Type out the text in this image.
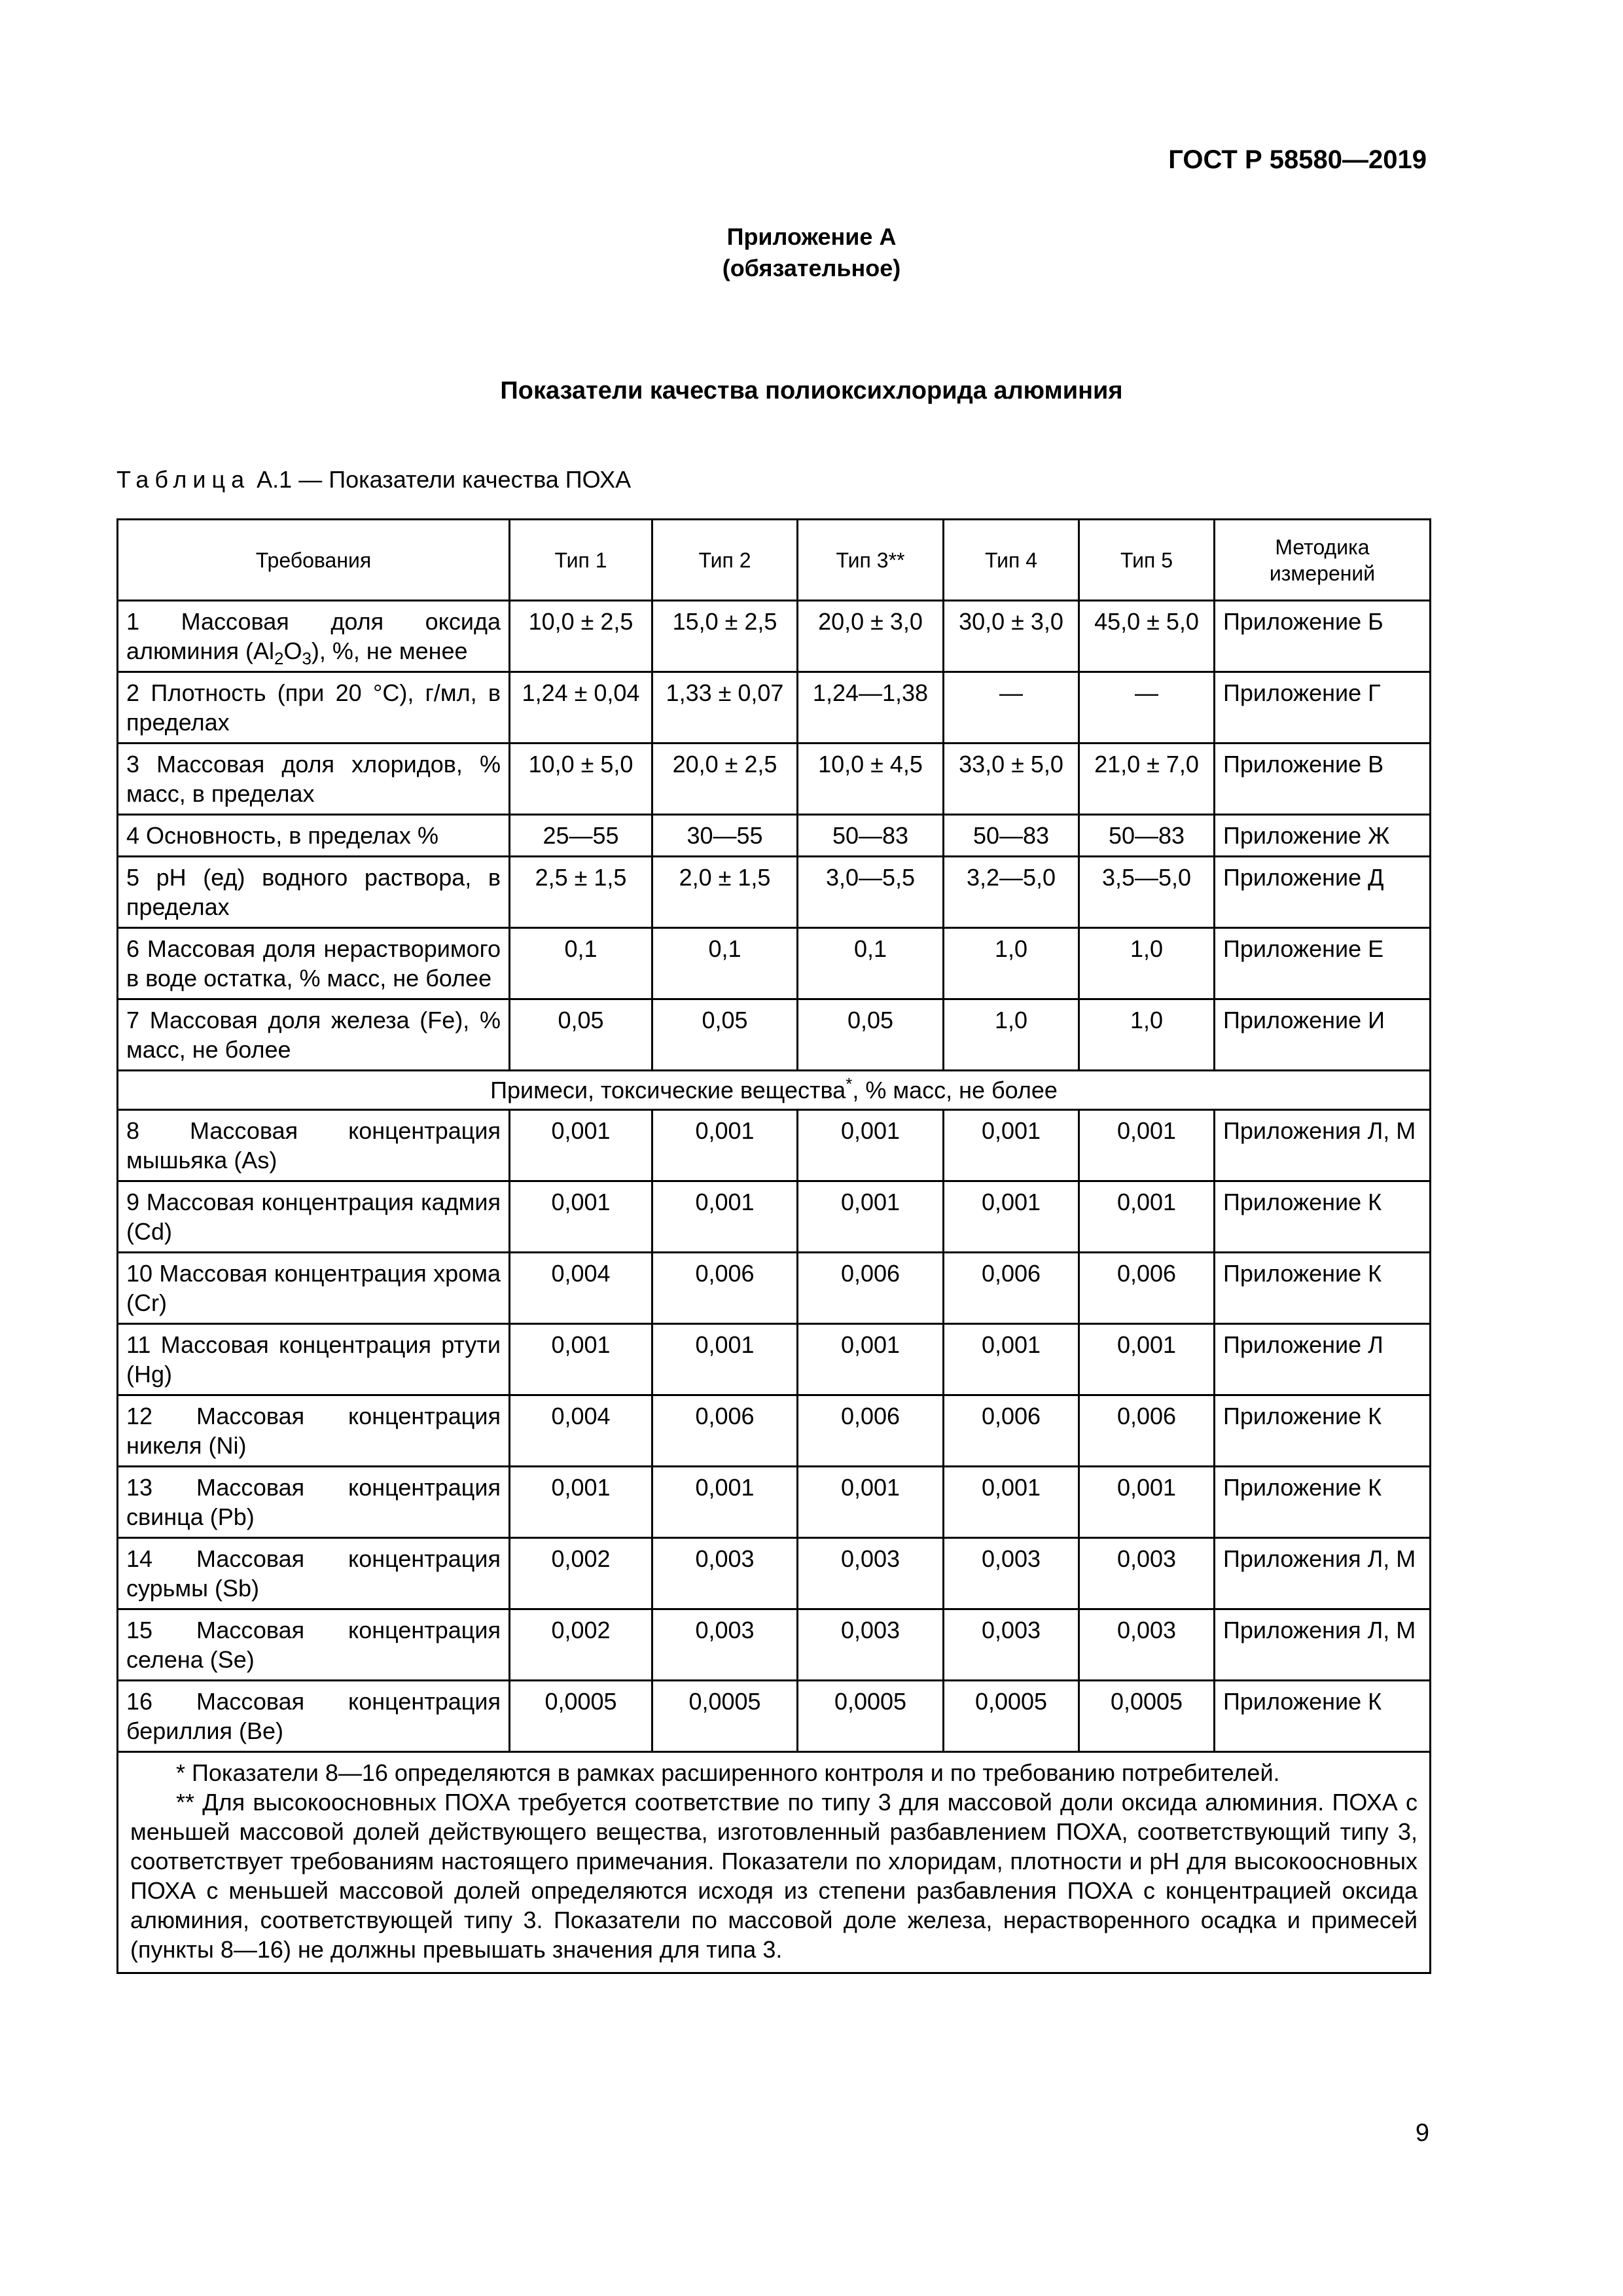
ГОСТ Р 58580—2019
Приложение А
(обязательное)
Показатели качества полиоксихлорида алюминия
Таблица А.1 — Показатели качества ПОХА
Требования	Тип 1	Тип 2	Тип 3**	Тип 4	Тип 5	Методика измерений
1 Массовая доля оксида алюминия $(Al_2O_3)$, %, не менее	10,0 ± 2,5	15,0 ± 2,5	20,0 ± 3,0	30,0 ± 3,0	45,0 ± 5,0	Приложение Б
2 Плотность (при 20 °С), г/мл, в пределах	1,24 ± 0,04	1,33 ± 0,07	1,24—1,38	—	—	Приложение Г
3 Массовая доля хлоридов, % масс, в пределах	10,0 ± 5,0	20,0 ± 2,5	10,0 ± 4,5	33,0 ± 5,0	21,0 ± 7,0	Приложение В
4 Основность, в пределах %	25—55	30—55	50—83	50—83	50—83	Приложение Ж
5 pH (ед) водного раствора, в пределах	2,5 ± 1,5	2,0 ± 1,5	3,0—5,5	3,2—5,0	3,5—5,0	Приложение Д
6 Массовая доля нерастворимого в воде остатка, % масс, не более	0,1	0,1	0,1	1,0	1,0	Приложение Е
7 Массовая доля железа (Fe), % масс, не более	0,05	0,05	0,05	1,0	1,0	Приложение И
Примеси, токсические вещества*, % масс, не более						
8 Массовая концентрация мышьяка (As)	0,001	0,001	0,001	0,001	0,001	Приложения Л, М
9 Массовая концентрация кадмия (Cd)	0,001	0,001	0,001	0,001	0,001	Приложение К
10 Массовая концентрация хрома (Cr)	0,004	0,006	0,006	0,006	0,006	Приложение К
11 Массовая концентрация ртути (Hg)	0,001	0,001	0,001	0,001	0,001	Приложение Л
12 Массовая концентрация никеля (Ni)	0,004	0,006	0,006	0,006	0,006	Приложение К
13 Массовая концентрация свинца (Pb)	0,001	0,001	0,001	0,001	0,001	Приложение К
14 Массовая концентрация сурьмы (Sb)	0,002	0,003	0,003	0,003	0,003	Приложения Л, М
15 Массовая концентрация селена (Se)	0,002	0,003	0,003	0,003	0,003	Приложения Л, М
16 Массовая концентрация бериллия (Be)	0,0005	0,0005	0,0005	0,0005	0,0005	Приложение К

* Показатели 8—16 определяются в рамках расширенного контроля и по требованию потребителей.

** Для высокоосновных ПОХА требуется соответствие по типу 3 для массовой доли оксида алюминия. ПОХА с меньшей массовой долей действующего вещества, изготовленный разбавлением ПОХА, соответствующий типу 3, соответствует требованиям настоящего примечания. Показатели по хлоридам, плотности и pH для высокоосновных ПОХА с меньшей массовой долей определяются исходя из степени разбавления ПОХА с концентрацией оксида алюминия, соответствующей типу 3. Показатели по массовой доле железа, нерастворенного осадка и примесей (пункты 8—16) не должны превышать значения для типа 3.						

9
